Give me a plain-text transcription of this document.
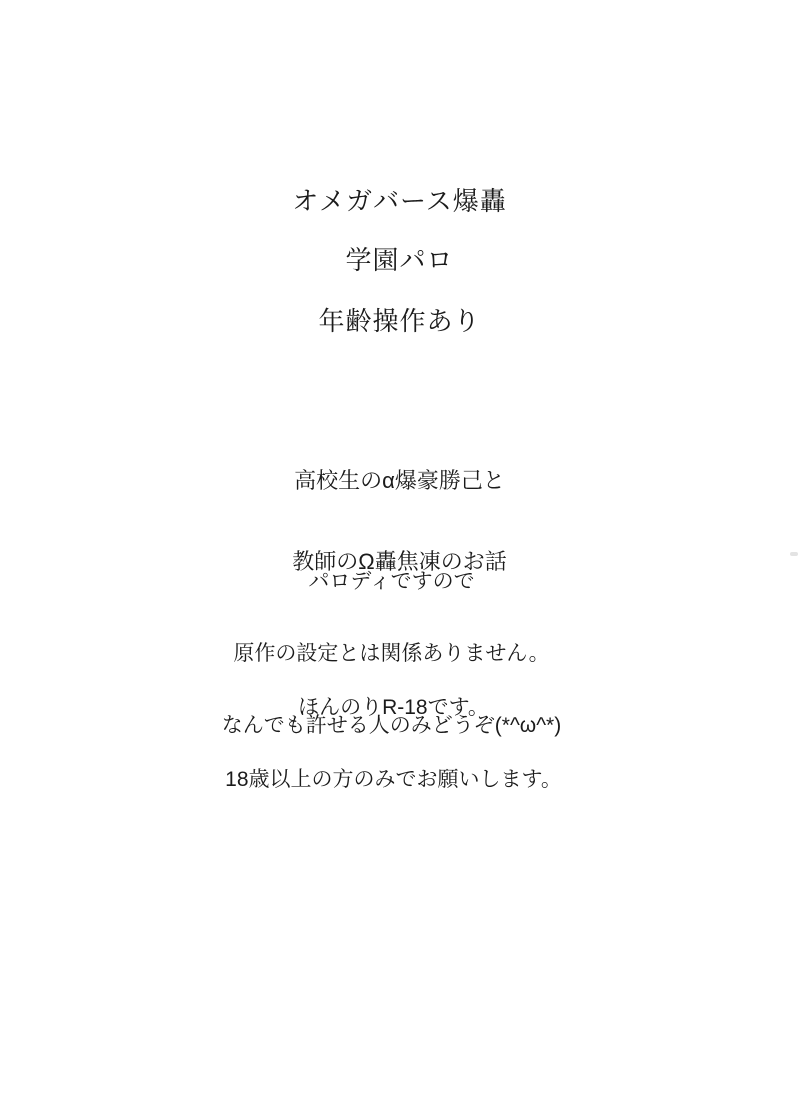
オメガバース爆轟
学園パロ
年齢操作あり

高校生のα爆豪勝己と

教師のΩ轟焦凍のお話

パロディですので

原作の設定とは関係ありません。

なんでも許せる人のみどうぞ(*^ω^*)

ほんのりR-18です。

18歳以上の方のみでお願いします。
